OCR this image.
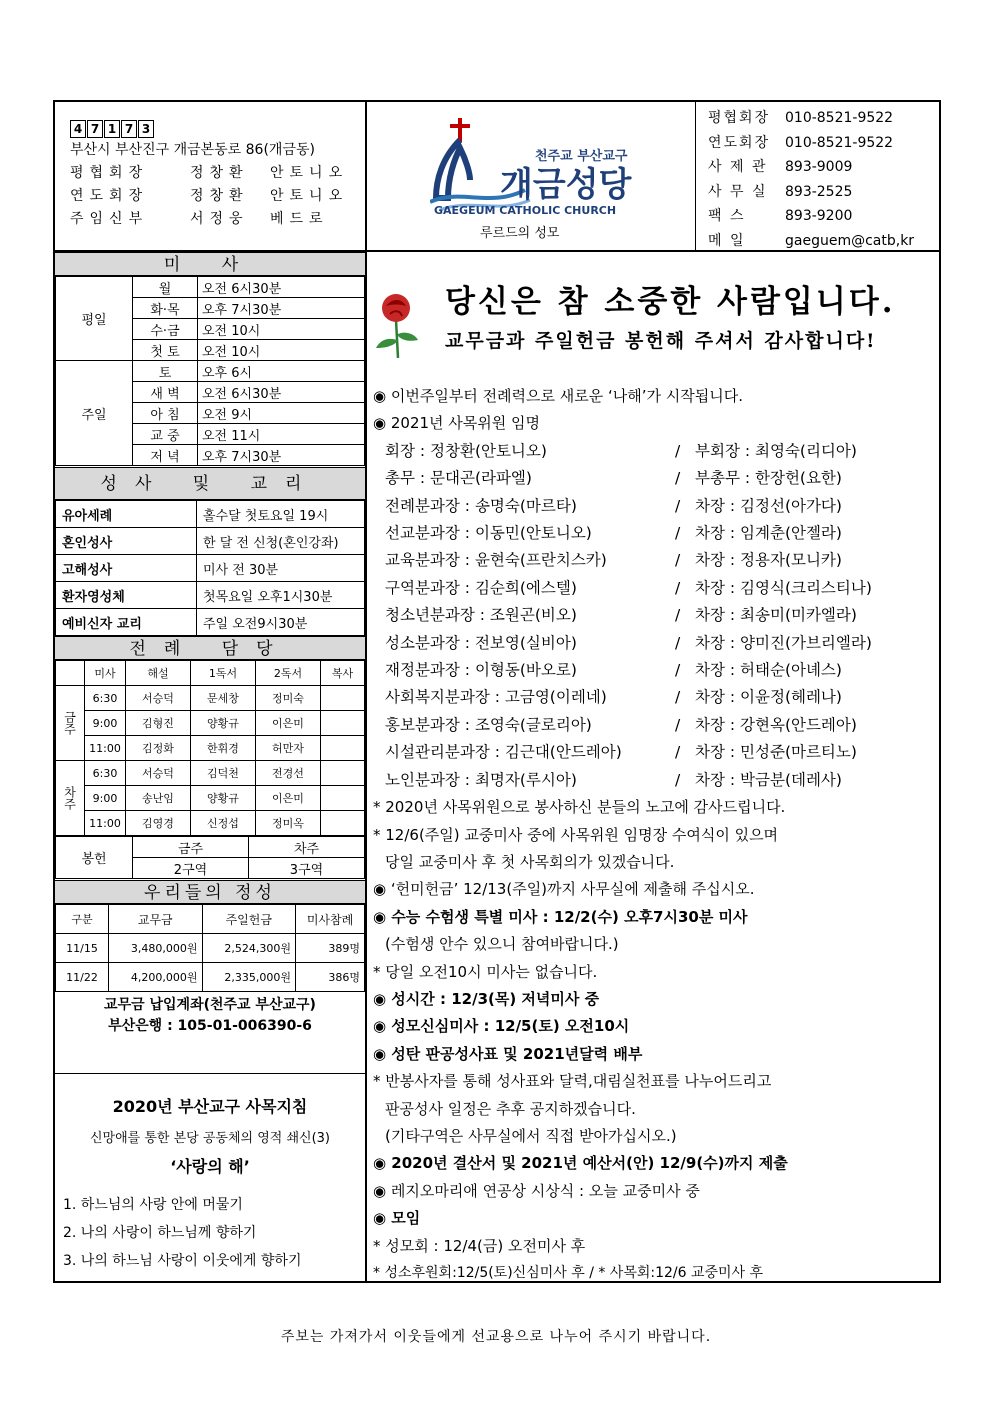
4 7 1 7 3
부산시 부산진구 개금본동로 86(개금동)
평협회장	정창환	안토니오
연도회장	정창환	안토니오
주임신부	서정웅	베드로
천주교 부산교구
개금성당
GAEGEUM CATHOLIC CHURCH
루르드의 성모
평협회장	010-8521-9522
연도회장	010-8521-9522
사 제 관	893-9009
사 무 실	893-2525
팩 스	893-9200
메 일	gaeguem@catb,kr
미 사
평일	월	오전 6시30분
	화·목	오후 7시30분
	수·금	오전 10시
	첫 토	오전 10시
주일	토	오후 6시
	새 벽	오전 6시30분
	아 침	오전 9시
	교 중	오전 11시
	저 녁	오후 7시30분
성사 및 교리
유아세례	홀수달 첫토요일 19시
혼인성사	한 달 전 신청(혼인강좌)
고해성사	미사 전 30분
환자영성체	첫목요일 오후1시30분
예비신자 교리	주일 오전9시30분
전례 담당
	미사	해설	1독서	2독서	복사
금주	6:30	서승덕	문세창	정미숙	
	9:00	김형진	양황규	이은미	
	11:00	김정화	한휘경	허만자	
차주	6:30	서승덕	김덕천	전경선	
	9:00	송난임	양황규	이은미	
	11:00	김영경	신정섭	정미옥	
봉헌	금주	차주
	2구역	3구역
우리들의 정성
구분	교무금	주일헌금	미사참례
11/15	3,480,000원	2,524,300원	389명
11/22	4,200,000원	2,335,000원	386명
교무금 납입계좌(천주교 부산교구)
부산은행 : 105-01-006390-6
2020년 부산교구 사목지침
신망애를 통한 본당 공동체의 영적 쇄신(3)
‘사랑의 해’
1. 하느님의 사랑 안에 머물기
2. 나의 사랑이 하느님께 향하기
3. 나의 하느님 사랑이 이웃에게 향하기
당신은 참 소중한 사람입니다.
교무금과 주일헌금 봉헌해 주셔서 감사합니다!
◉ 이번주일부터 전례력으로 새로운 ‘나해’가 시작됩니다.
◉ 2021년 사목위원 임명
회장 : 정창환(안토니오)	/ 부회장 : 최영숙(리디아)
총무 : 문대곤(라파엘)	/ 부총무 : 한장헌(요한)
전례분과장 : 송명숙(마르타)	/ 차장 : 김정선(아가다)
선교분과장 : 이동민(안토니오)	/ 차장 : 임계춘(안젤라)
교육분과장 : 윤현숙(프란치스카)	/ 차장 : 정용자(모니카)
구역분과장 : 김순희(에스텔)	/ 차장 : 김영식(크리스티나)
청소년분과장 : 조원곤(비오)	/ 차장 : 최송미(미카엘라)
성소분과장 : 전보영(실비아)	/ 차장 : 양미진(가브리엘라)
재정분과장 : 이형동(바오로)	/ 차장 : 허태순(아녜스)
사회복지분과장 : 고금영(이레네)	/ 차장 : 이윤정(헤레나)
홍보분과장 : 조영숙(글로리아)	/ 차장 : 강현옥(안드레아)
시설관리분과장 : 김근대(안드레아)	/ 차장 : 민성준(마르티노)
노인분과장 : 최명자(루시아)	/ 차장 : 박금분(데레사)
* 2020년 사목위원으로 봉사하신 분들의 노고에 감사드립니다.
* 12/6(주일) 교중미사 중에 사목위원 임명장 수여식이 있으며
당일 교중미사 후 첫 사목회의가 있겠습니다.
◉ ‘헌미헌금’ 12/13(주일)까지 사무실에 제출해 주십시오.
◉ 수능 수험생 특별 미사 : 12/2(수) 오후7시30분 미사
(수험생 안수 있으니 참여바랍니다.)
* 당일 오전10시 미사는 없습니다.
◉ 성시간 : 12/3(목) 저녁미사 중
◉ 성모신심미사 : 12/5(토) 오전10시
◉ 성탄 판공성사표 및 2021년달력 배부
* 반봉사자를 통해 성사표와 달력,대림실천표를 나누어드리고
판공성사 일정은 추후 공지하겠습니다.
(기타구역은 사무실에서 직접 받아가십시오.)
◉ 2020년 결산서 및 2021년 예산서(안) 12/9(수)까지 제출
◉ 레지오마리애 연공상 시상식 : 오늘 교중미사 중
◉ 모임
* 성모회 : 12/4(금) 오전미사 후
* 성소후원회:12/5(토)신심미사 후 / * 사목회:12/6 교중미사 후
주보는 가져가서 이웃들에게 선교용으로 나누어 주시기 바랍니다.
